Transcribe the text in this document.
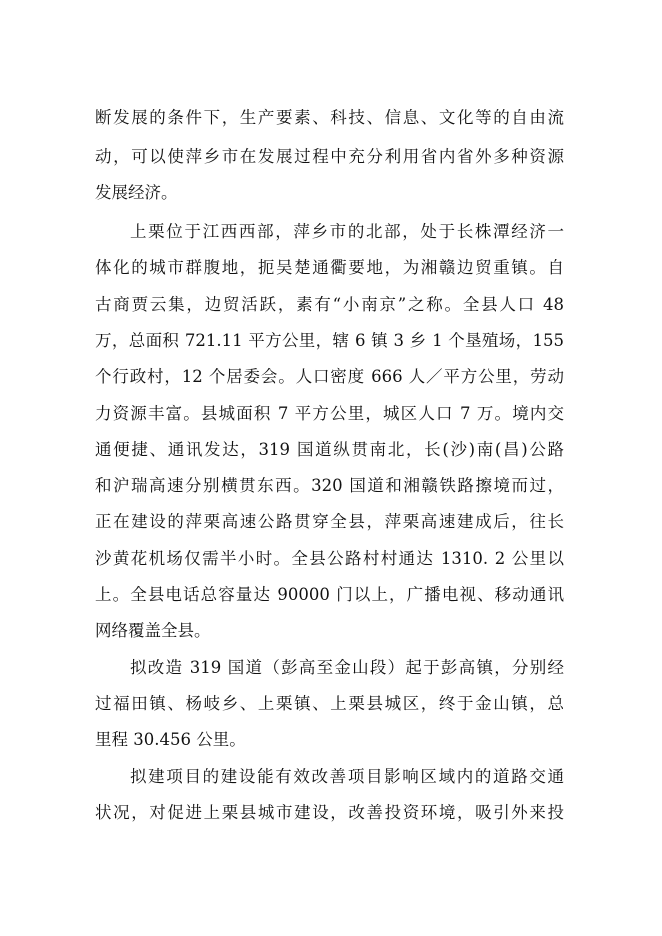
断发展的条件下，生产要素、科技、信息、文化等的自由流
动，可以使萍乡市在发展过程中充分利用省内省外多种资源
发展经济。
上栗位于江西西部，萍乡市的北部，处于长株潭经济一
体化的城市群腹地，扼吴楚通衢要地，为湘赣边贸重镇。自
古商贾云集，边贸活跃，素有“小南京”之称。全县人口 48
万，总面积 721.11 平方公里，辖 6 镇 3 乡 1 个垦殖场，155
个行政村，12 个居委会。人口密度 666 人／平方公里，劳动
力资源丰富。县城面积 7 平方公里，城区人口 7 万。境内交
通便捷、通讯发达，319 国道纵贯南北，长(沙)南(昌)公路
和沪瑞高速分别横贯东西。320 国道和湘赣铁路擦境而过，
正在建设的萍栗高速公路贯穿全县，萍栗高速建成后，往长
沙黄花机场仅需半小时。全县公路村村通达 1310. 2 公里以
上。全县电话总容量达 90000 门以上，广播电视、移动通讯
网络覆盖全县。
拟改造 319 国道（彭高至金山段）起于彭高镇，分别经
过福田镇、杨岐乡、上栗镇、上栗县城区，终于金山镇，总
里程 30.456 公里。
拟建项目的建设能有效改善项目影响区域内的道路交通
状况，对促进上栗县城市建设，改善投资环境，吸引外来投
